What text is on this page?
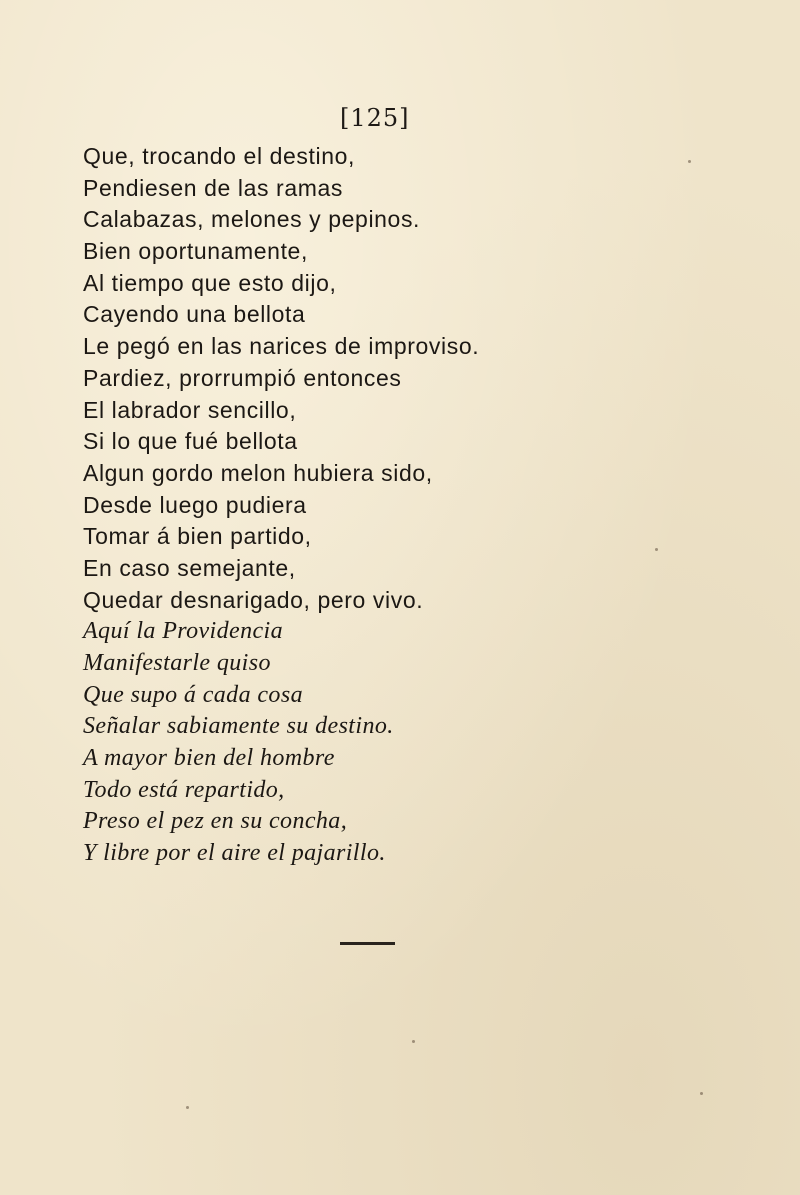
[125]
Que, trocando el destino,
Pendiesen de las ramas
Calabazas, melones y pepinos.
Bien oportunamente,
Al tiempo que esto dijo,
Cayendo una bellota
Le pegó en las narices de improviso.
Pardiez, prorrumpió entonces
El labrador sencillo,
Si lo que fué bellota
Algun gordo melon hubiera sido,
Desde luego pudiera
Tomar á bien partido,
En caso semejante,
Quedar desnarigado, pero vivo.
Aquí la Providencia
Manifestarle quiso
Que supo á cada cosa
Señalar sabiamente su destino.
A mayor bien del hombre
Todo está repartido,
Preso el pez en su concha,
Y libre por el aire el pajarillo.
